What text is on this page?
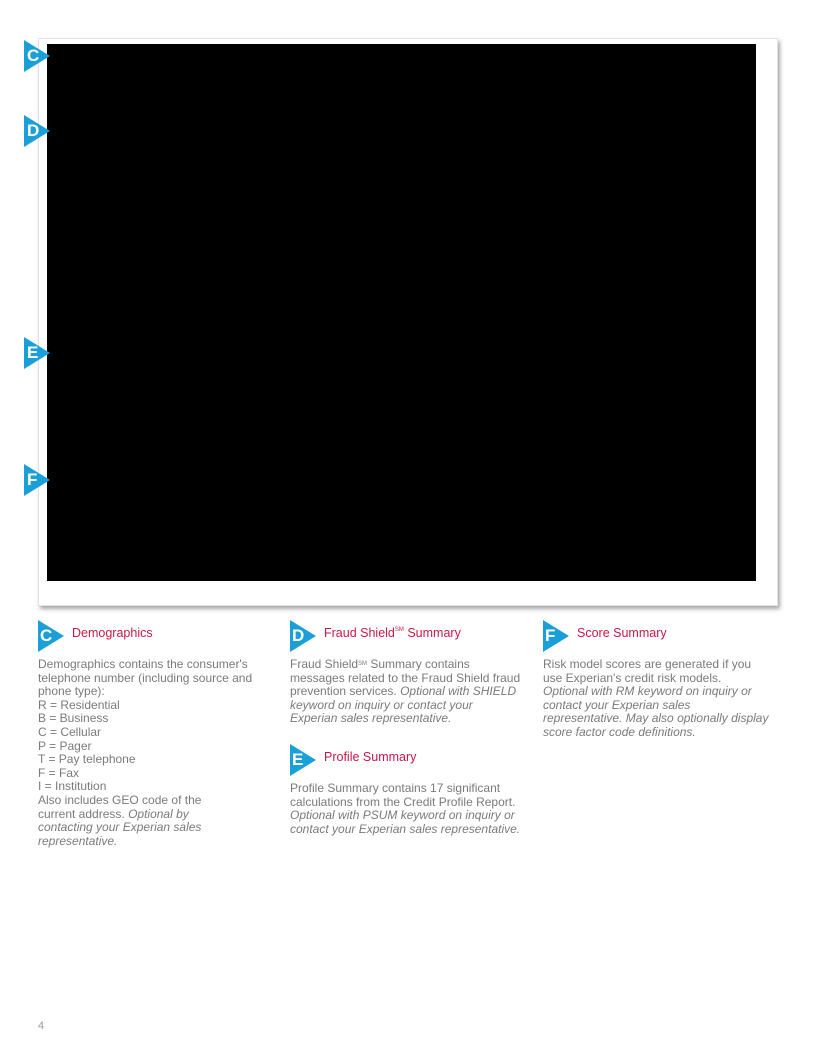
C
D
E
F
C Demographics
Demographics contains the consumer's telephone number (including source and phone type):
R = Residential
B = Business
C = Cellular
P = Pager
T = Pay telephone
F = Fax
I = Institution
Also includes GEO code of the current address. Optional by contacting your Experian sales representative.
D Fraud Shield℠ Summary
Fraud Shield℠ Summary contains messages related to the Fraud Shield fraud prevention services. Optional with SHIELD keyword on inquiry or contact your Experian sales representative.
E Profile Summary
Profile Summary contains 17 significant calculations from the Credit Profile Report. Optional with PSUM keyword on inquiry or contact your Experian sales representative.
F Score Summary
Risk model scores are generated if you use Experian's credit risk models. Optional with RM keyword on inquiry or contact your Experian sales representative. May also optionally display score factor code definitions.
4
